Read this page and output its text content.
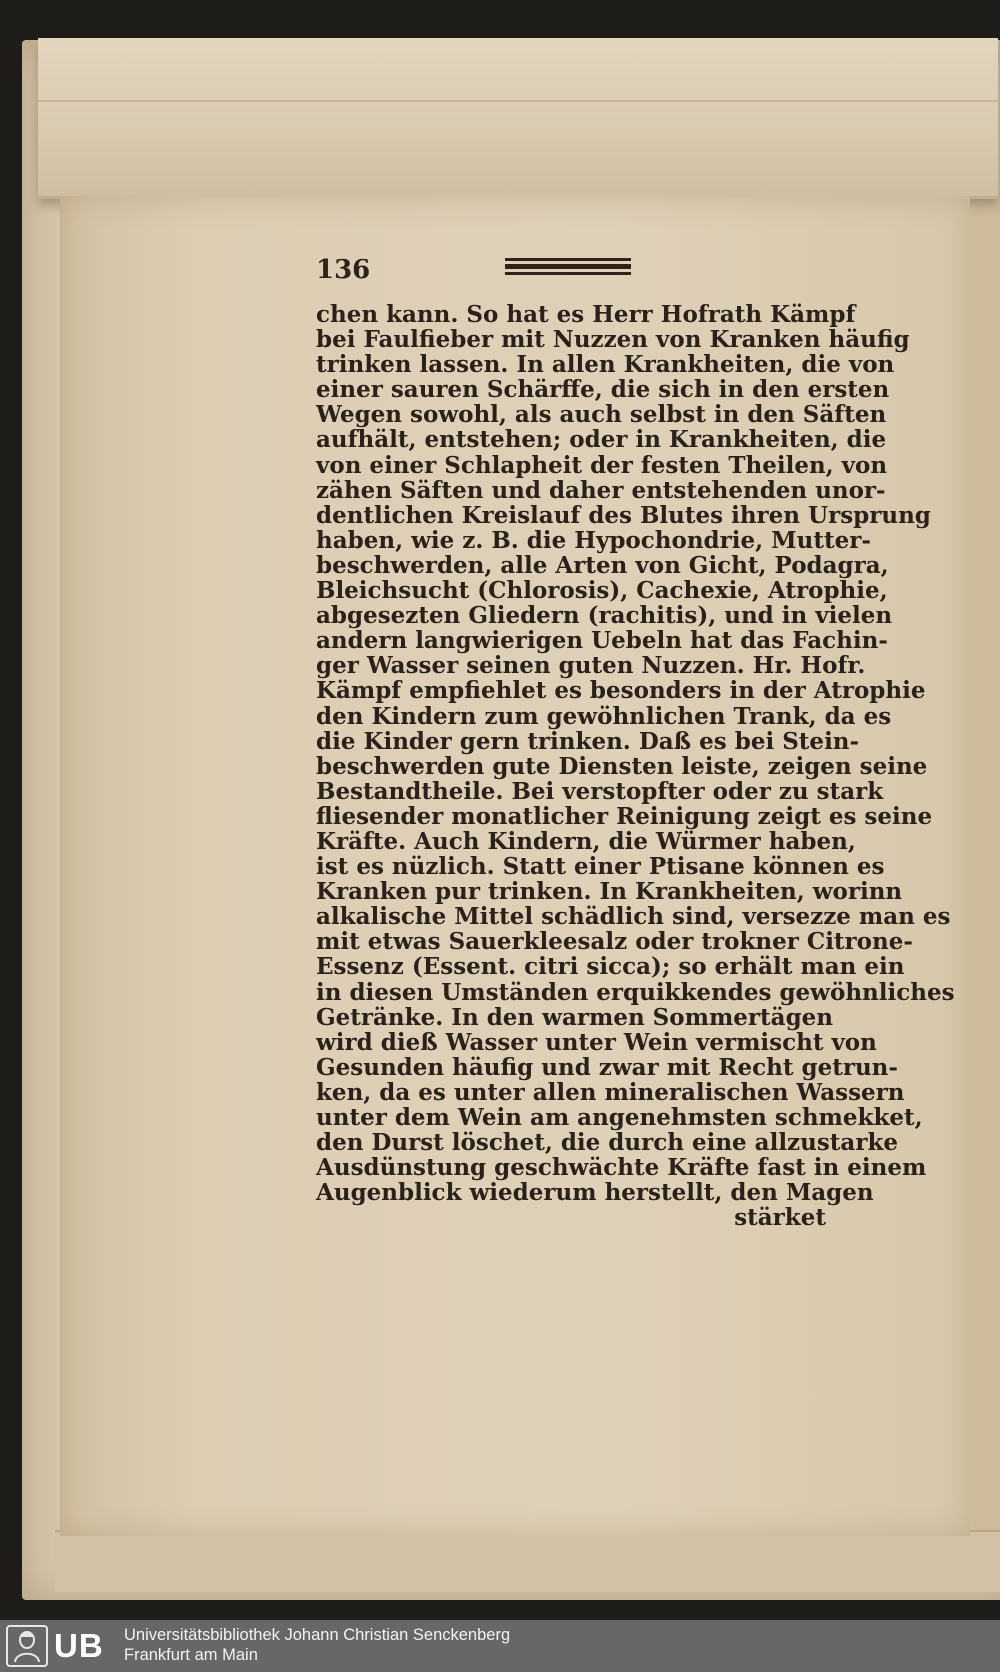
136

chen kann. So hat es Herr Hofrath Kämpf
bei Faulfieber mit Nuzzen von Kranken häufig
trinken lassen. In allen Krankheiten, die von
einer sauren Schärffe, die sich in den ersten
Wegen sowohl, als auch selbst in den Säften
aufhält, entstehen; oder in Krankheiten, die
von einer Schlapheit der festen Theilen, von
zähen Säften und daher entstehenden unor-
dentlichen Kreislauf des Blutes ihren Ursprung
haben, wie z. B. die Hypochondrie, Mutter-
beschwerden, alle Arten von Gicht, Podagra,
Bleichsucht (Chlorosis), Cachexie, Atrophie,
abgesezten Gliedern (rachitis), und in vielen
andern langwierigen Uebeln hat das Fachin-
ger Wasser seinen guten Nuzzen. Hr. Hofr.
Kämpf empfiehlet es besonders in der Atrophie
den Kindern zum gewöhnlichen Trank, da es
die Kinder gern trinken. Daß es bei Stein-
beschwerden gute Diensten leiste, zeigen seine
Bestandtheile. Bei verstopfter oder zu stark
fliesender monatlicher Reinigung zeigt es seine
Kräfte. Auch Kindern, die Würmer haben,
ist es nüzlich. Statt einer Ptisane können es
Kranken pur trinken. In Krankheiten, worinn
alkalische Mittel schädlich sind, versezze man es
mit etwas Sauerkleesalz oder trokner Citrone-
Essenz (Essent. citri sicca); so erhält man ein
in diesen Umständen erquikkendes gewöhnliches
Getränke. In den warmen Sommertägen
wird dieß Wasser unter Wein vermischt von
Gesunden häufig und zwar mit Recht getrun-
ken, da es unter allen mineralischen Wassern
unter dem Wein am angenehmsten schmekket,
den Durst löschet, die durch eine allzustarke
Ausdünstung geschwächte Kräfte fast in einem
Augenblick wiederum herstellt, den Magen
stärket
UB Universitätsbibliothek Johann Christian Senckenberg
Frankfurt am Main
